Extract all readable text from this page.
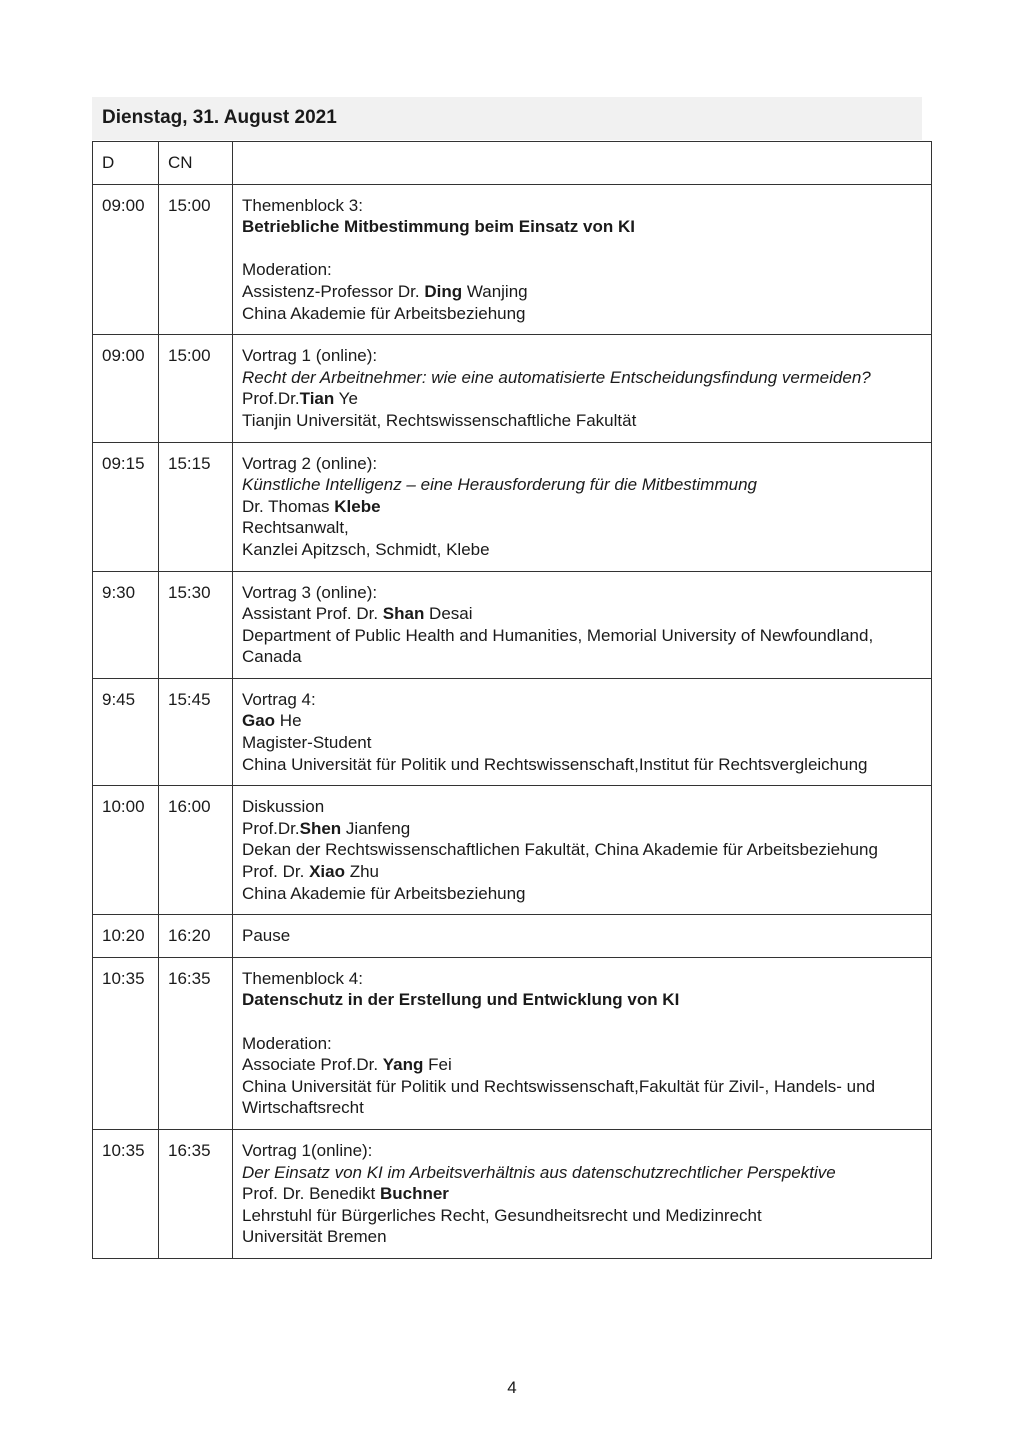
Dienstag, 31. August 2021
D	CN	
09:00	15:00	Themenblock 3:
Betriebliche Mitbestimmung beim Einsatz von KI
Moderation:
Assistenz-Professor Dr. Ding Wanjing
China Akademie für Arbeitsbeziehung

09:00	15:00	Vortrag 1 (online):
Recht der Arbeitnehmer: wie eine automatisierte Entscheidungsfindung vermeiden?
Prof.Dr.Tian Ye
Tianjin Universität, Rechtswissenschaftliche Fakultät

09:15	15:15	Vortrag 2 (online):
Künstliche Intelligenz – eine Herausforderung für die Mitbestimmung
Dr. Thomas Klebe
Rechtsanwalt,
Kanzlei Apitzsch, Schmidt, Klebe

9:30	15:30	Vortrag 3 (online):
Assistant Prof. Dr. Shan Desai
Department of Public Health and Humanities, Memorial University of Newfoundland, Canada

9:45	15:45	Vortrag 4:
Gao He
Magister-Student
China Universität für Politik und Rechtswissenschaft,Institut für Rechtsvergleichung

10:00	16:00	Diskussion
Prof.Dr.Shen Jianfeng
Dekan der Rechtswissenschaftlichen Fakultät, China Akademie für Arbeitsbeziehung
Prof. Dr. Xiao Zhu
China Akademie für Arbeitsbeziehung

10:20	16:20	Pause

10:35	16:35	Themenblock 4:
Datenschutz in der Erstellung und Entwicklung von KI
Moderation:
Associate Prof.Dr. Yang Fei
China Universität für Politik und Rechtswissenschaft,Fakultät für Zivil-, Handels- und Wirtschaftsrecht

10:35	16:35	Vortrag 1(online):
Der Einsatz von KI im Arbeitsverhältnis aus datenschutzrechtlicher Perspektive
Prof. Dr. Benedikt Buchner
Lehrstuhl für Bürgerliches Recht, Gesundheitsrecht und Medizinrecht
Universität Bremen
4
